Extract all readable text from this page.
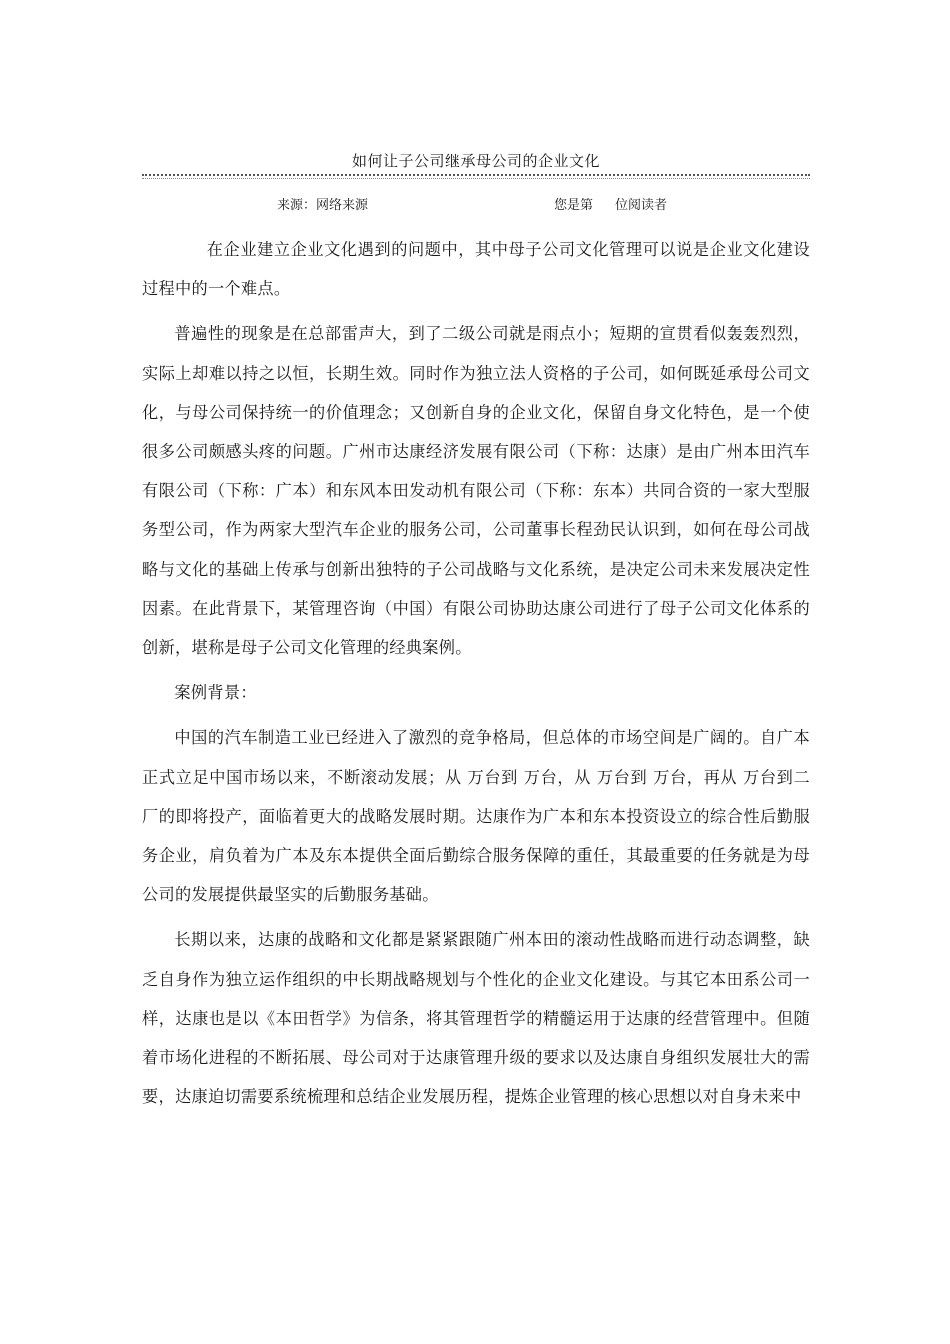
如何让子公司继承母公司的企业文化
来源：网络来源	您是第 位阅读者

在企业建立企业文化遇到的问题中，其中母子公司文化管理可以说是企业文化建设过程中的一个难点。

普遍性的现象是在总部雷声大，到了二级公司就是雨点小；短期的宣贯看似轰轰烈烈，实际上却难以持之以恒，长期生效。同时作为独立法人资格的子公司，如何既延承母公司文化，与母公司保持统一的价值理念；又创新自身的企业文化，保留自身文化特色，是一个使很多公司颇感头疼的问题。广州市达康经济发展有限公司（下称：达康）是由广州本田汽车有限公司（下称：广本）和东风本田发动机有限公司（下称：东本）共同合资的一家大型服务型公司，作为两家大型汽车企业的服务公司，公司董事长程劲民认识到，如何在母公司战略与文化的基础上传承与创新出独特的子公司战略与文化系统，是决定公司未来发展决定性因素。在此背景下，某管理咨询（中国）有限公司协助达康公司进行了母子公司文化体系的创新，堪称是母子公司文化管理的经典案例。

案例背景：

中国的汽车制造工业已经进入了激烈的竞争格局，但总体的市场空间是广阔的。自广本正式立足中国市场以来，不断滚动发展；从 万台到 万台，从 万台到 万台，再从 万台到二厂的即将投产，面临着更大的战略发展时期。达康作为广本和东本投资设立的综合性后勤服务企业，肩负着为广本及东本提供全面后勤综合服务保障的重任，其最重要的任务就是为母公司的发展提供最坚实的后勤服务基础。

长期以来，达康的战略和文化都是紧紧跟随广州本田的滚动性战略而进行动态调整，缺乏自身作为独立运作组织的中长期战略规划与个性化的企业文化建设。与其它本田系公司一样，达康也是以《本田哲学》为信条，将其管理哲学的精髓运用于达康的经营管理中。但随着市场化进程的不断拓展、母公司对于达康管理升级的要求以及达康自身组织发展壮大的需要，达康迫切需要系统梳理和总结企业发展历程，提炼企业管理的核心思想以对自身未来中
